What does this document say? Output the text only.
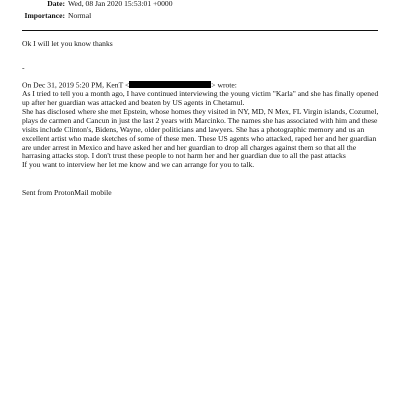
Date: Wed, 08 Jan 2020 15:53:01 +0000
Importance: Normal

Ok I will let you know thanks

-

On Dec 31, 2019 5:20 PM, KenT <	> wrote:

As I tried to tell you a month ago, I have continued interviewing the young victim "Karla" and she has finally opened up after her guardian was attacked and beaten by US agents in Chetamul.

She has disclosed where she met Epstein, whose homes they visited in NY, MD, N Mex, FL Virgin islands, Cozumel, plays de carmen and Cancun in just the last 2 years with Marcinko. The names she has associated with him and these visits include Clinton's, Bidens, Wayne, older politicians and lawyers. She has a photographic memory and us an excellent artist who made sketches of some of these men. These US agents who attacked, raped her and her guardian are under arrest in Mexico and have asked her and her guardian to drop all charges against them so that all the harrasing attacks stop. I don't trust these people to not harm her and her guardian due to all the past attacks

If you want to interview her let me know and we can arrange for you to talk.

Sent from ProtonMail mobile
